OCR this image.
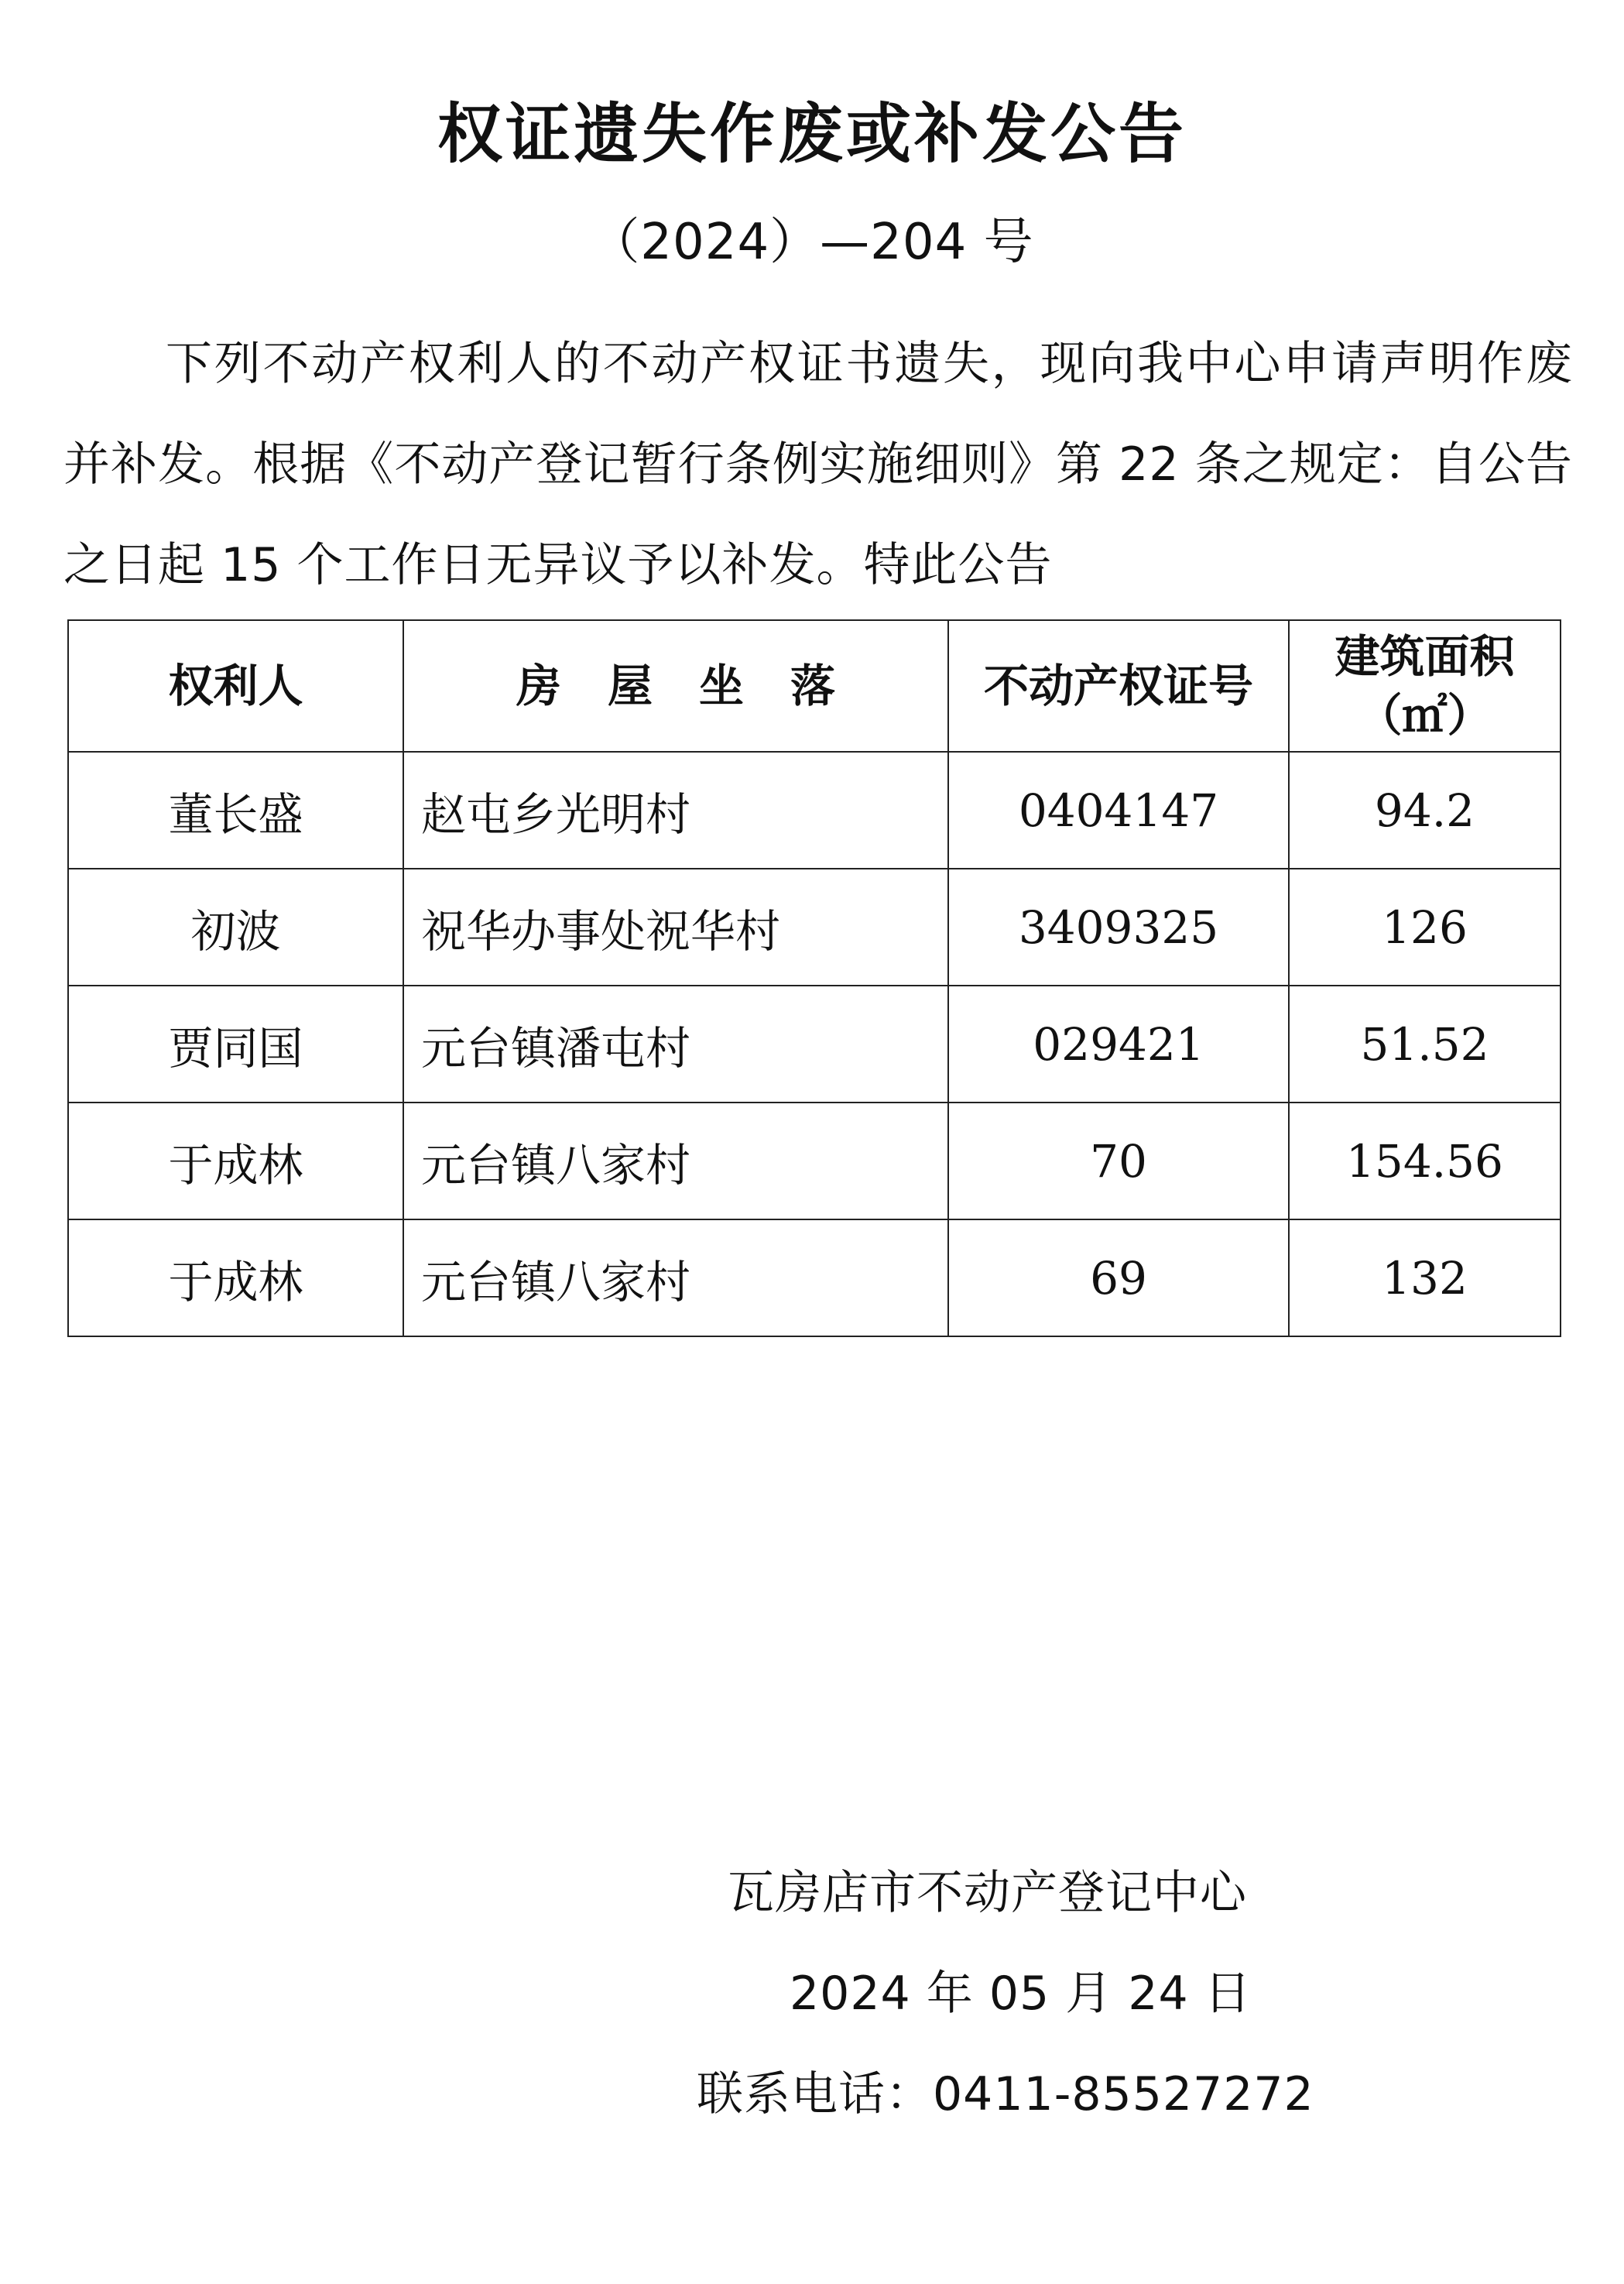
权证遗失作废或补发公告
（2024）—204 号

下列不动产权利人的不动产权证书遗失，现向我中心申请声明作废并补发。根据《不动产登记暂行条例实施细则》第 22 条之规定：自公告之日起 15 个工作日无异议予以补发。特此公告

权利人	房屋坐落	不动产权证号	建筑面积
（㎡）

董长盛	赵屯乡光明村	0404147	94.2
初波	祝华办事处祝华村	3409325	126
贾同国	元台镇潘屯村	029421	51.52
于成林	元台镇八家村	70	154.56
于成林	元台镇八家村	69	132
瓦房店市不动产登记中心
2024 年 05 月 24 日
联系电话：0411-85527272
